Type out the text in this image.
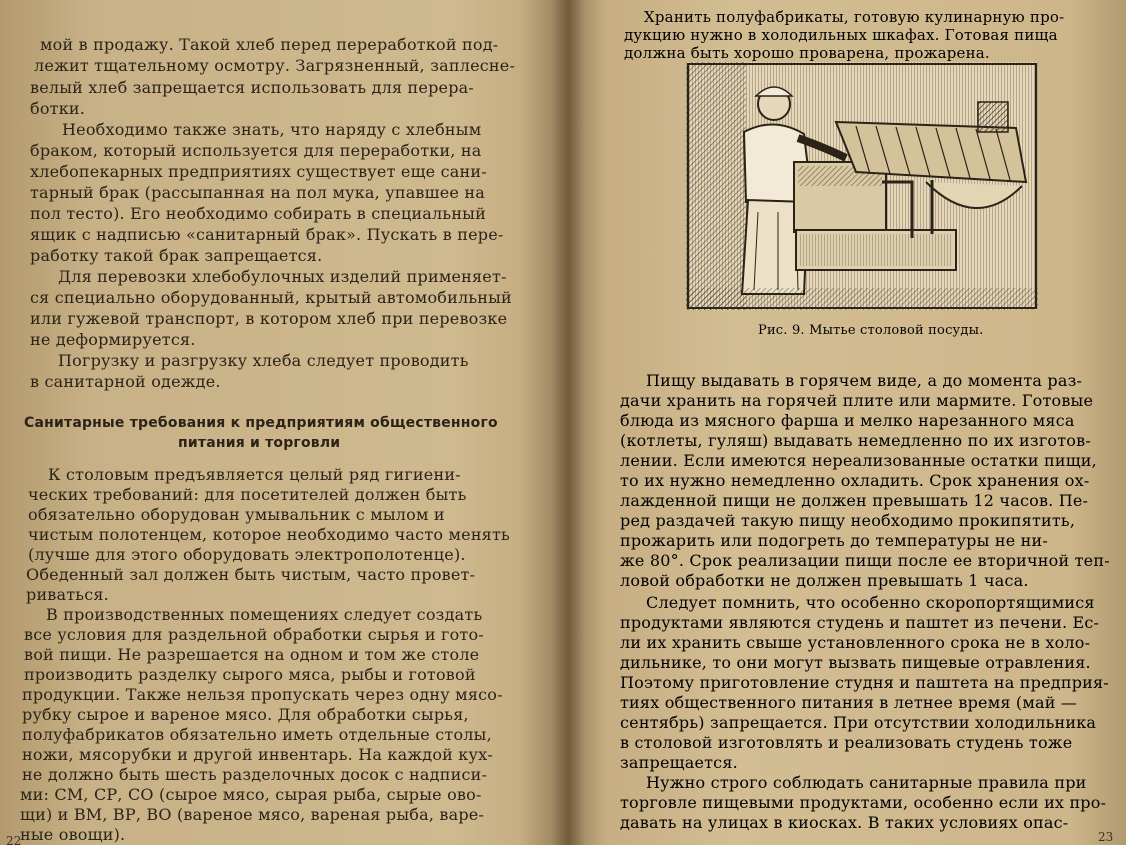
мой в продажу. Такой хлеб перед переработкой под-
лежит тщательному осмотру. Загрязненный, заплесне-
велый хлеб запрещается использовать для перера-
ботки.
Необходимо также знать, что наряду с хлебным
браком, который используется для переработки, на
хлебопекарных предприятиях существует еще сани-
тарный брак (рассыпанная на пол мука, упавшее на
пол тесто). Его необходимо собирать в специальный
ящик с надписью «санитарный брак». Пускать в пере-
работку такой брак запрещается.
Для перевозки хлебобулочных изделий применяет-
ся специально оборудованный, крытый автомобильный
или гужевой транспорт, в котором хлеб при перевозке
не деформируется.
Погрузку и разгрузку хлеба следует проводить
в санитарной одежде.
Санитарные требования к предприятиям общественного
питания и торговли
К столовым предъявляется целый ряд гигиени-
ческих требований: для посетителей должен быть
обязательно оборудован умывальник с мылом и
чистым полотенцем, которое необходимо часто менять
(лучше для этого оборудовать электрополотенце).
Обеденный зал должен быть чистым, часто провет-
риваться.
В производственных помещениях следует создать
все условия для раздельной обработки сырья и гото-
вой пищи. Не разрешается на одном и том же столе
производить разделку сырого мяса, рыбы и готовой
продукции. Также нельзя пропускать через одну мясо-
рубку сырое и вареное мясо. Для обработки сырья,
полуфабрикатов обязательно иметь отдельные столы,
ножи, мясорубки и другой инвентарь. На каждой кух-
не должно быть шесть разделочных досок с надписи-
ми: СМ, СР, СО (сырое мясо, сырая рыба, сырые ово-
щи) и ВМ, ВР, ВО (вареное мясо, вареная рыба, варе-
ные овощи).
Хранить полуфабрикаты, готовую кулинарную про-
дукцию нужно в холодильных шкафах. Готовая пища
должна быть хорошо проварена, прожарена.
Рис. 9. Мытье столовой посуды.
Пищу выдавать в горячем виде, а до момента раз-
дачи хранить на горячей плите или мармите. Готовые
блюда из мясного фарша и мелко нарезанного мяса
(котлеты, гуляш) выдавать немедленно по их изготов-
лении. Если имеются нереализованные остатки пищи,
то их нужно немедленно охладить. Срок хранения ох-
лажденной пищи не должен превышать 12 часов. Пе-
ред раздачей такую пищу необходимо прокипятить,
прожарить или подогреть до температуры не ни-
же 80°. Срок реализации пищи после ее вторичной теп-
ловой обработки не должен превышать 1 часа.
Следует помнить, что особенно скоропортящимися
продуктами являются студень и паштет из печени. Ес-
ли их хранить свыше установленного срока не в холо-
дильнике, то они могут вызвать пищевые отравления.
Поэтому приготовление студня и паштета на предприя-
тиях общественного питания в летнее время (май —
сентябрь) запрещается. При отсутствии холодильника
в столовой изготовлять и реализовать студень тоже
запрещается.
Нужно строго соблюдать санитарные правила при
торговле пищевыми продуктами, особенно если их про-
давать на улицах в киосках. В таких условиях опас-
22	23
